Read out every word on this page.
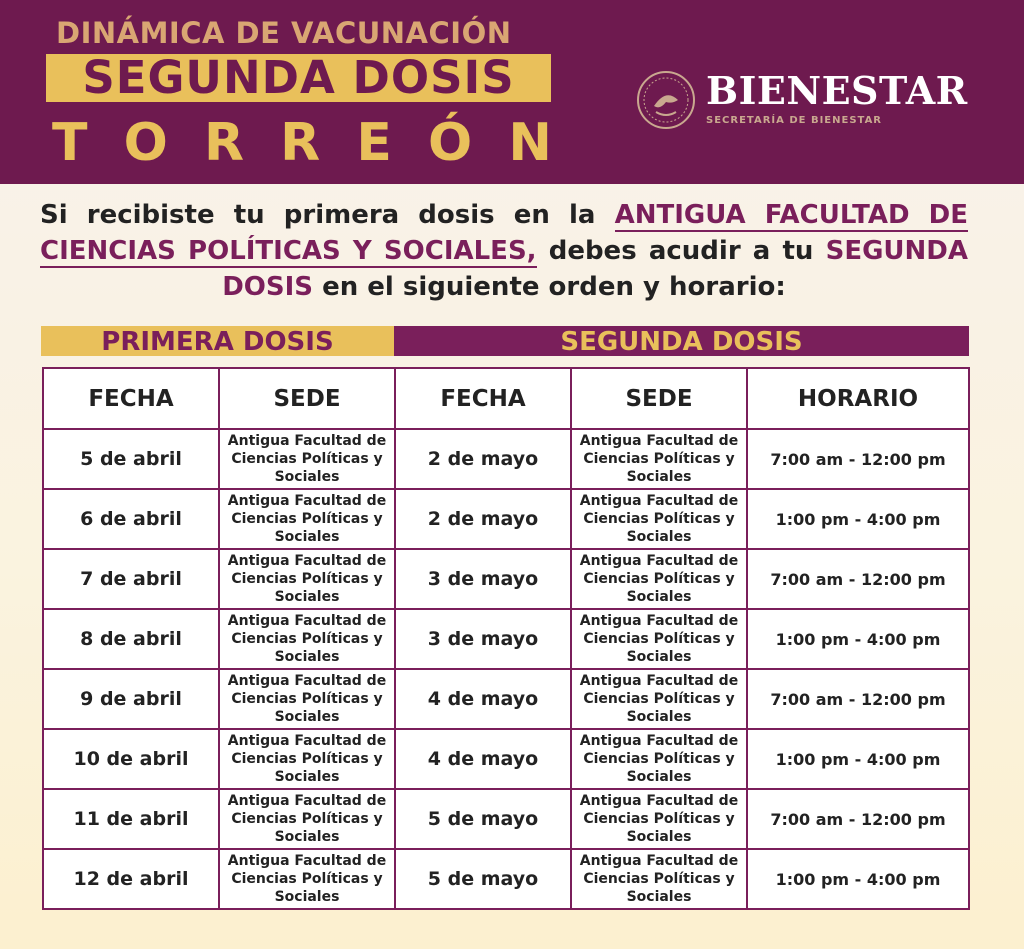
DINÁMICA DE VACUNACIÓN
SEGUNDA DOSIS
T O R R E Ó N
BIENESTAR
SECRETARÍA DE BIENESTAR
Si recibiste tu primera dosis en la ANTIGUA FACULTAD DE CIENCIAS POLÍTICAS Y SOCIALES, debes acudir a tu SEGUNDA DOSIS en el siguiente orden y horario:
PRIMERA DOSIS	SEGUNDA DOSIS
FECHA	SEDE	FECHA	SEDE	HORARIO
5 de abril	Antigua Facultad de Ciencias Políticas y Sociales	2 de mayo	Antigua Facultad de Ciencias Políticas y Sociales	7:00 am - 12:00 pm
6 de abril	Antigua Facultad de Ciencias Políticas y Sociales	2 de mayo	Antigua Facultad de Ciencias Políticas y Sociales	1:00 pm - 4:00 pm
7 de abril	Antigua Facultad de Ciencias Políticas y Sociales	3 de mayo	Antigua Facultad de Ciencias Políticas y Sociales	7:00 am - 12:00 pm
8 de abril	Antigua Facultad de Ciencias Políticas y Sociales	3 de mayo	Antigua Facultad de Ciencias Políticas y Sociales	1:00 pm - 4:00 pm
9 de abril	Antigua Facultad de Ciencias Políticas y Sociales	4 de mayo	Antigua Facultad de Ciencias Políticas y Sociales	7:00 am - 12:00 pm
10 de abril	Antigua Facultad de Ciencias Políticas y Sociales	4 de mayo	Antigua Facultad de Ciencias Políticas y Sociales	1:00 pm - 4:00 pm
11 de abril	Antigua Facultad de Ciencias Políticas y Sociales	5 de mayo	Antigua Facultad de Ciencias Políticas y Sociales	7:00 am - 12:00 pm
12 de abril	Antigua Facultad de Ciencias Políticas y Sociales	5 de mayo	Antigua Facultad de Ciencias Políticas y Sociales	1:00 pm - 4:00 pm
